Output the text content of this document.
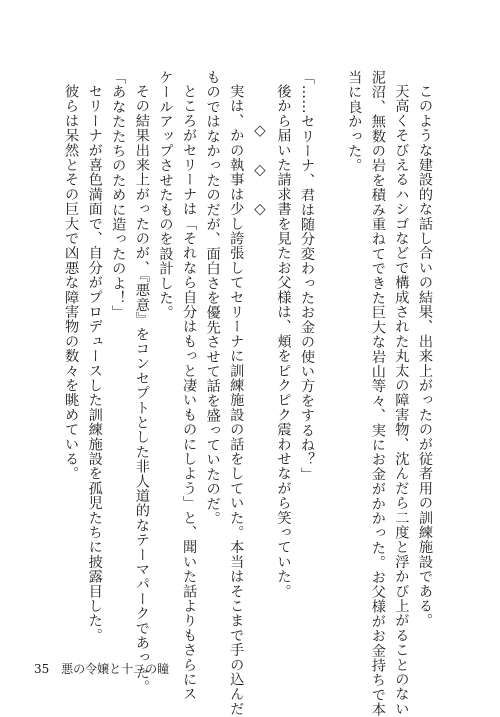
このような建設的な話し合いの結果、出来上がったのが従者用の訓練施設である。
天高くそびえるハシゴなどで構成された丸太の障害物、沈んだら二度と浮かび上がることのない
泥沼、無数の岩を積み重ねてできた巨大な岩山等々、実にお金がかかった。お父様がお金持ちで本
当に良かった。
「……セリーナ、君は随分変わったお金の使い方をするね？」
後から届いた請求書を見たお父様は、頬をピクピク震わせながら笑っていた。
◇ ◇ ◇
実は、かの執事は少し誇張してセリーナに訓練施設の話をしていた。本当はそこまで手の込んだ
ものではなかったのだが、面白さを優先させて話を盛っていたのだ。
ところがセリーナは「それなら自分はもっと凄いものにしよう」と、聞いた話よりもさらにス
ケールアップさせたものを設計した。
その結果出来上がったのが、『悪意』をコンセプトとした非人道的なテーマパークであった。
「あなたたちのために造ったのよ！」
セリーナが喜色満面で、自分がプロデュースした訓練施設を孤児たちに披露目した。
彼らは呆然とその巨大で凶悪な障害物の数々を眺めている。
35 悪の令嬢と十二の瞳
